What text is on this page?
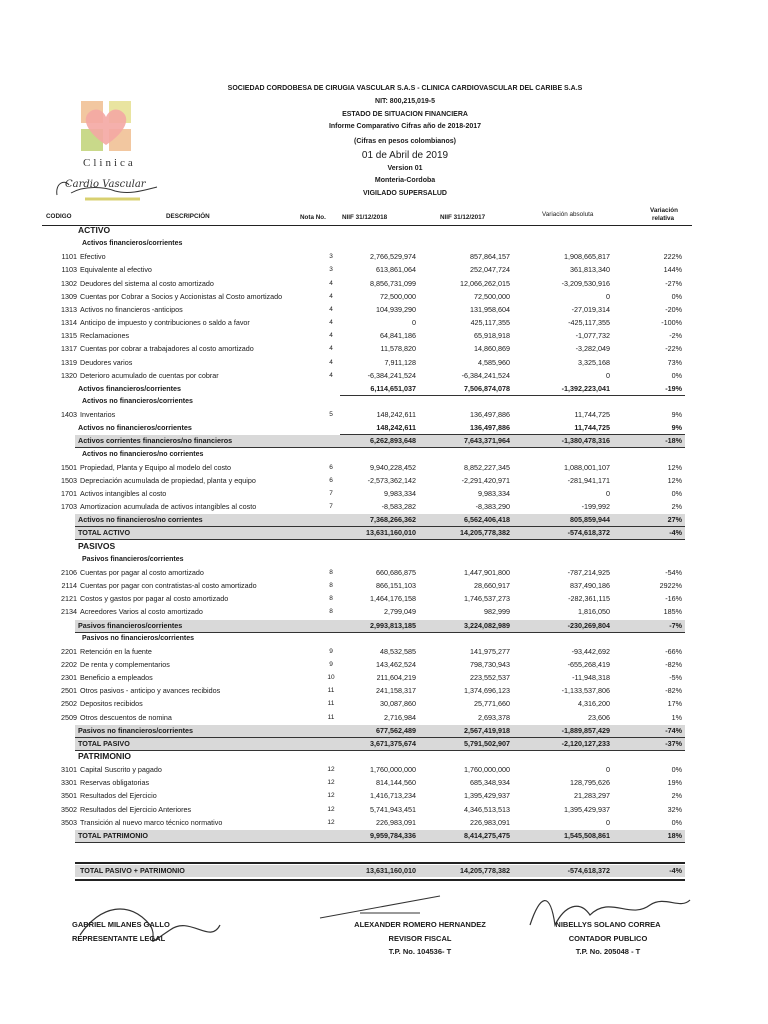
Clinica
Cardio Vascular
SOCIEDAD CORDOBESA DE CIRUGIA VASCULAR S.A.S - CLINICA CARDIOVASCULAR DEL CARIBE S.A.S
NIT: 800,215,019-5
ESTADO DE SITUACION FINANCIERA
Informe Comparativo Cifras año de 2018-2017
(Cifras en pesos colombianos)
01 de Abril de 2019
Version 01
Monteria-Cordoba
VIGILADO SUPERSALUD
CODIGO	DESCRIPCIÓN	Nota No.	NIIF 31/12/2018	NIIF 31/12/2017	Variación absoluta
Variación
relativa
ACTIVO
Activos financieros/corrientes
1101 Efectivo	3	2,766,529,974	857,864,157	1,908,665,817	222%
1103 Equivalente al efectivo	3	613,861,064	252,047,724	361,813,340	144%
1302 Deudores del sistema al costo amortizado	4	8,856,731,099	12,066,262,015	-3,209,530,916	-27%
1309 Cuentas por Cobrar a Socios y Accionistas al Costo amortizado	4	72,500,000	72,500,000	0	0%
1313 Activos no financieros -anticipos	4	104,939,290	131,958,604	-27,019,314	-20%
1314 Anticipo de impuesto y contribuciones o saldo a favor	4	0	425,117,355	-425,117,355	-100%
1315 Reclamaciones	4	64,841,186	65,918,918	-1,077,732	-2%
1317 Cuentas por cobrar a trabajadores al costo amortizado	4	11,578,820	14,860,869	-3,282,049	-22%
1319 Deudores varios	4	7,911,128	4,585,960	3,325,168	73%
1320 Deterioro acumulado de cuentas por cobrar	4	-6,384,241,524	-6,384,241,524	0	0%
Activos financieros/corrientes	6,114,651,037	7,506,874,078	-1,392,223,041	-19%
Activos no financieros/corrientes
1403 Inventarios	5	148,242,611	136,497,886	11,744,725	9%
Activos no financieros/corrientes	148,242,611	136,497,886	11,744,725	9%
Activos corrientes financieros/no financieros	6,262,893,648	7,643,371,964	-1,380,478,316	-18%
Activos no financieros/no corrientes
1501 Propiedad, Planta y Equipo al modelo del costo	6	9,940,228,452	8,852,227,345	1,088,001,107	12%
1503 Depreciación acumulada de propiedad, planta y equipo	6	-2,573,362,142	-2,291,420,971	-281,941,171	12%
1701 Activos intangibles al costo	7	9,983,334	9,983,334	0	0%
1703 Amortizacion acumulada de activos intangibles al costo	7	-8,583,282	-8,383,290	-199,992	2%
Activos no financieros/no corrientes	7,368,266,362	6,562,406,418	805,859,944	27%
TOTAL ACTIVO	13,631,160,010	14,205,778,382	-574,618,372	-4%
PASIVOS
Pasivos financieros/corrientes
2106 Cuentas por pagar al costo amortizado	8	660,686,875	1,447,901,800	-787,214,925	-54%
2114 Cuentas por pagar con contratistas-al costo amortizado	8	866,151,103	28,660,917	837,490,186	2922%
2121 Costos y gastos por pagar al costo amortizado	8	1,464,176,158	1,746,537,273	-282,361,115	-16%
2134 Acreedores Varios al costo amortizado	8	2,799,049	982,999	1,816,050	185%
Pasivos financieros/corrientes	2,993,813,185	3,224,082,989	-230,269,804	-7%
Pasivos no financieros/corrientes
2201 Retención en la fuente	9	48,532,585	141,975,277	-93,442,692	-66%
2202 De renta y complementarios	9	143,462,524	798,730,943	-655,268,419	-82%
2301 Beneficio a empleados	10	211,604,219	223,552,537	-11,948,318	-5%
2501 Otros pasivos - anticipo y avances recibidos	11	241,158,317	1,374,696,123	-1,133,537,806	-82%
2502 Depositos recibidos	11	30,087,860	25,771,660	4,316,200	17%
2509 Otros descuentos de nomina	11	2,716,984	2,693,378	23,606	1%
Pasivos no financieros/corrientes	677,562,489	2,567,419,918	-1,889,857,429	-74%
TOTAL PASIVO	3,671,375,674	5,791,502,907	-2,120,127,233	-37%
PATRIMONIO
3101 Capital Suscrito y pagado	12	1,760,000,000	1,760,000,000	0	0%
3301 Reservas obligatorias	12	814,144,560	685,348,934	128,795,626	19%
3501 Resultados del Ejercicio	12	1,416,713,234	1,395,429,937	21,283,297	2%
3502 Resultados del Ejercicio Anteriores	12	5,741,943,451	4,346,513,513	1,395,429,937	32%
3503 Transición al nuevo marco técnico normativo	12	226,983,091	226,983,091	0	0%
TOTAL PATRIMONIO	9,959,784,336	8,414,275,475	1,545,508,861	18%
TOTAL PASIVO + PATRIMONIO	13,631,160,010	14,205,778,382	-574,618,372	-4%
GABRIEL MILANES GALLO
REPRESENTANTE LEGAL
ALEXANDER ROMERO HERNANDEZ
REVISOR FISCAL
T.P. No. 104536- T
NIBELLYS SOLANO CORREA
CONTADOR PUBLICO
T.P. No. 205048 - T
